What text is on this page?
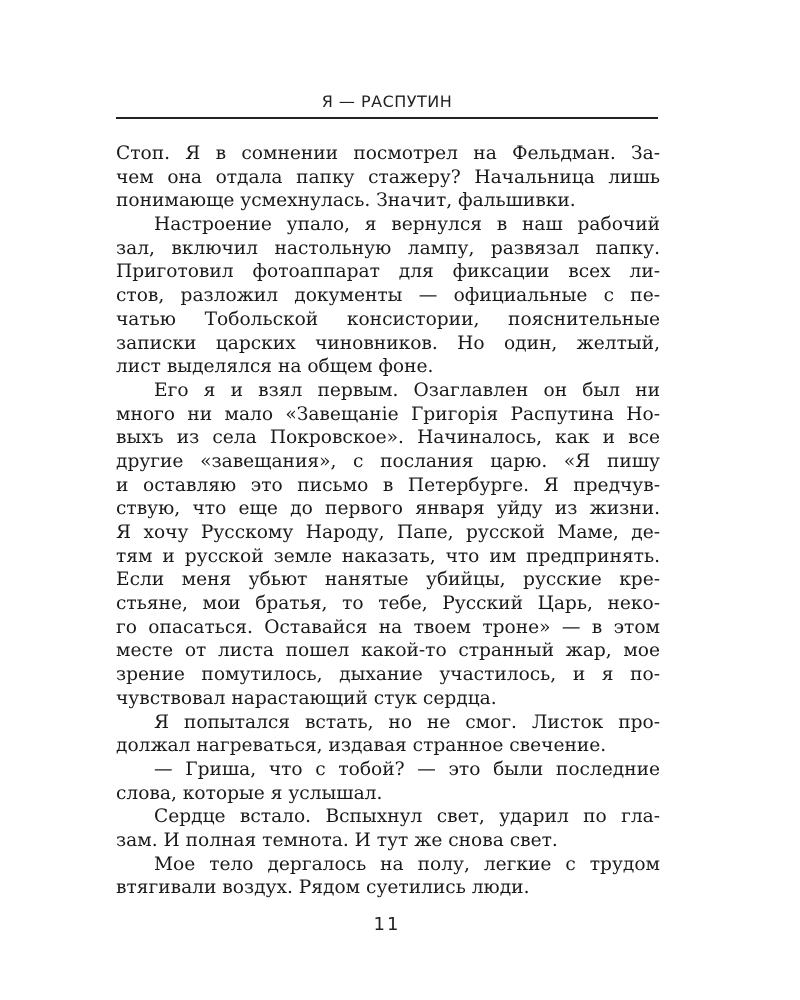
Я — РАСПУТИН
Стоп. Я в сомнении посмотрел на Фельдман. За-
чем она отдала папку стажеру? Начальница лишь
понимающе усмехнулась. Значит, фальшивки.
Настроение упало, я вернулся в наш рабочий
зал, включил настольную лампу, развязал папку.
Приготовил фотоаппарат для фиксации всех ли-
стов, разложил документы — официальные с пе-
чатью Тобольской консистории, пояснительные
записки царских чиновников. Но один, желтый,
лист выделялся на общем фоне.
Его я и взял первым. Озаглавлен он был ни
много ни мало «Завещанiе Григорiя Распутина Но-
выхъ из села Покровское». Начиналось, как и все
другие «завещания», с послания царю. «Я пишу
и оставляю это письмо в Петербурге. Я предчув-
ствую, что еще до первого января уйду из жизни.
Я хочу Русскому Народу, Папе, русской Маме, де-
тям и русской земле наказать, что им предпринять.
Если меня убьют нанятые убийцы, русские кре-
стьяне, мои братья, то тебе, Русский Царь, неко-
го опасаться. Оставайся на твоем троне» — в этом
месте от листа пошел какой-то странный жар, мое
зрение помутилось, дыхание участилось, и я по-
чувствовал нарастающий стук сердца.
Я попытался встать, но не смог. Листок про-
должал нагреваться, издавая странное свечение.
— Гриша, что с тобой? — это были последние
слова, которые я услышал.
Сердце встало. Вспыхнул свет, ударил по гла-
зам. И полная темнота. И тут же снова свет.
Мое тело дергалось на полу, легкие с трудом
втягивали воздух. Рядом суетились люди.
11
